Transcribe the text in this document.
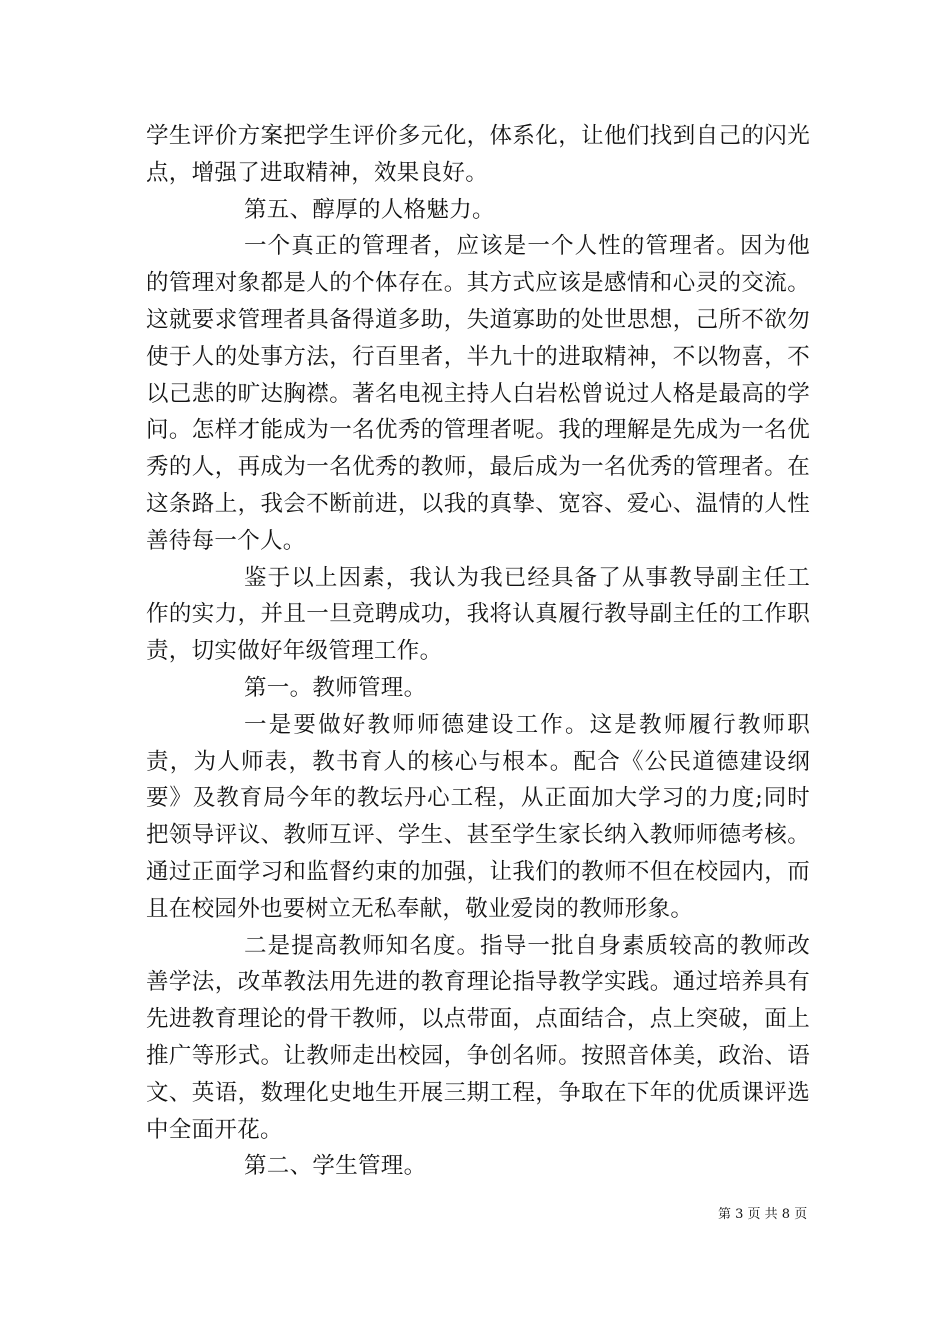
学生评价方案把学生评价多元化，体系化，让他们找到自己的闪光点，增强了进取精神，效果良好。

第五、醇厚的人格魅力。

一个真正的管理者，应该是一个人性的管理者。因为他的管理对象都是人的个体存在。其方式应该是感情和心灵的交流。这就要求管理者具备得道多助，失道寡助的处世思想，己所不欲勿使于人的处事方法，行百里者，半九十的进取精神，不以物喜，不以己悲的旷达胸襟。著名电视主持人白岩松曾说过人格是最高的学问。怎样才能成为一名优秀的管理者呢。我的理解是先成为一名优秀的人，再成为一名优秀的教师，最后成为一名优秀的管理者。在这条路上，我会不断前进，以我的真挚、宽容、爱心、温情的人性善待每一个人。

鉴于以上因素，我认为我已经具备了从事教导副主任工作的实力，并且一旦竞聘成功，我将认真履行教导副主任的工作职责，切实做好年级管理工作。

第一。教师管理。

一是要做好教师师德建设工作。这是教师履行教师职责，为人师表，教书育人的核心与根本。配合《公民道德建设纲要》及教育局今年的教坛丹心工程，从正面加大学习的力度;同时把领导评议、教师互评、学生、甚至学生家长纳入教师师德考核。通过正面学习和监督约束的加强，让我们的教师不但在校园内，而且在校园外也要树立无私奉献，敬业爱岗的教师形象。

二是提高教师知名度。指导一批自身素质较高的教师改善学法，改革教法用先进的教育理论指导教学实践。通过培养具有先进教育理论的骨干教师，以点带面，点面结合，点上突破，面上推广等形式。让教师走出校园，争创名师。按照音体美，政治、语文、英语，数理化史地生开展三期工程，争取在下年的优质课评选中全面开花。

第二、学生管理。

第 3 页 共 8 页
